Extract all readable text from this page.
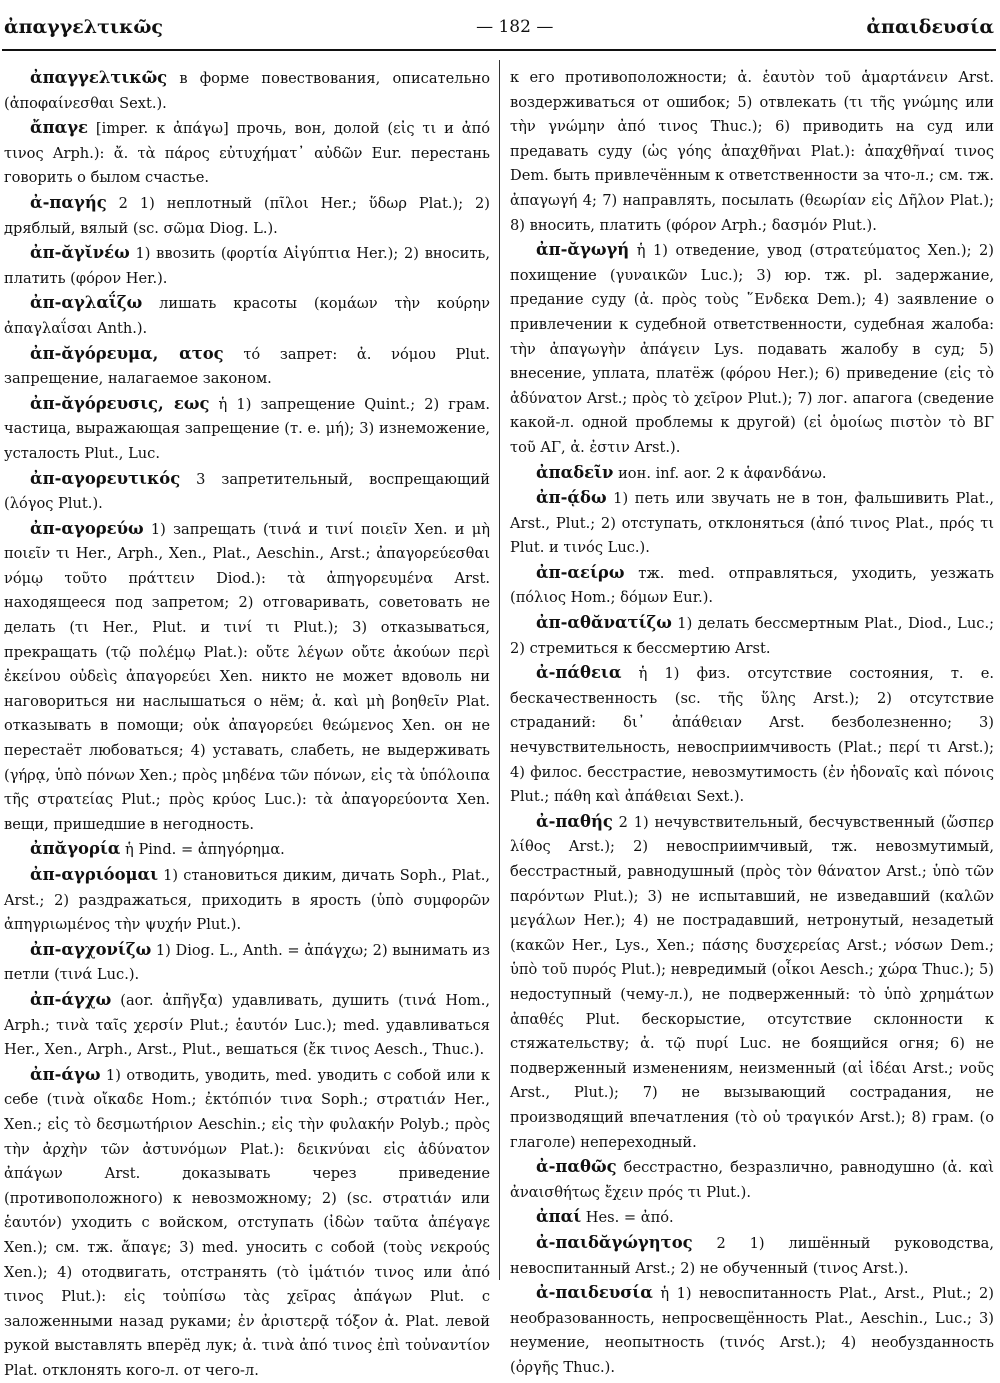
ἀπαγγελτικῶς	— 182 —	ἀπαιδευσία

ἀπαγγελτικῶς в форме повествования, описательно (ἀποφαίνεσθαι Sext.).

ἄπαγε [imper. к ἀπάγω] прочь, вон, долой (εἰς τι и ἀπό τινος Arph.): ἄ. τὰ πάρος εὐτυχήματ᾽ αὐδῶν Eur. перестань говорить о былом счастье.

ἀ-παγής 2 1) неплотный (πῖλοι Her.; ὕδωρ Plat.); 2) дряблый, вялый (sc. σῶμα Diog. L.).

ἀπ-ᾰγῐνέω 1) ввозить (φορτία Αἰγύπτια Her.); 2) вносить, платить (φόρον Her.).

ἀπ-αγλαΐζω лишать красоты (κομάων τὴν κούρην ἀπαγλαΐσαι Anth.).

ἀπ-ᾰγόρευμα, ατος τό запрет: ἀ. νόμου Plut. запрещение, налагаемое законом.

ἀπ-ᾰγόρευσις, εως ἡ 1) запрещение Quint.; 2) грам. частица, выражающая запрещение (т. е. μή); 3) изнеможение, усталость Plut., Luc.

ἀπ-αγορευτικός 3 запретительный, воспрещающий (λόγος Plut.).

ἀπ-αγορεύω 1) запрещать (τινά и τινί ποιεῖν Xen. и μὴ ποιεῖν τι Her., Arph., Xen., Plat., Aeschin., Arst.; ἀπαγορεύεσθαι νόμῳ τοῦτο πράττειν Diod.): τὰ ἀπηγορευμένα Arst. находящееся под запретом; 2) отговаривать, советовать не делать (τι Her., Plut. и τινί τι Plut.); 3) отказываться, прекращать (τῷ πολέμῳ Plat.): οὔτε λέγων οὔτε ἀκούων περὶ ἐκείνου οὐδεὶς ἀπαγορεύει Xen. никто не может вдоволь ни наговориться ни наслышаться о нём; ἀ. καὶ μὴ βοηθεῖν Plat. отказывать в помощи; οὐκ ἀπαγορεύει θεώμενος Xen. он не перестаёт любоваться; 4) уставать, слабеть, не выдерживать (γήρᾳ, ὑπὸ πόνων Xen.; πρὸς μηδένα τῶν πόνων, εἰς τὰ ὑπόλοιπα τῆς στρατείας Plut.; πρὸς κρύος Luc.): τὰ ἀπαγορεύοντα Xen. вещи, пришедшие в негодность.

ἀπᾰγορία ἡ Pind. = ἀπηγόρημα.

ἀπ-αγριόομαι 1) становиться диким, дичать Soph., Plat., Arst.; 2) раздражаться, приходить в ярость (ὑπὸ συμφορῶν ἀπηγριωμένος τὴν ψυχήν Plut.).

ἀπ-αγχονίζω 1) Diog. L., Anth. = ἀπάγχω; 2) вынимать из петли (τινά Luc.).

ἀπ-άγχω (aor. ἀπῆγξα) удавливать, душить (τινά Hom., Arph.; τινὰ ταῖς χερσίν Plut.; ἑαυτόν Luc.); med. удавливаться Her., Xen., Arph., Arst., Plut., вешаться (ἔκ τινος Aesch., Thuc.).

ἀπ-άγω 1) отводить, уводить, med. уводить с собой или к себе (τινὰ οἴκαδε Hom.; ἐκτόπιόν τινα Soph.; στρατιάν Her., Xen.; εἰς τὸ δεσμωτήριον Aeschin.; εἰς τὴν φυλακήν Polyb.; πρὸς τὴν ἀρχὴν τῶν ἀστυνόμων Plat.): δεικνύναι εἰς ἀδύνατον ἀπάγων Arst. доказывать через приведение (противоположного) к невозможному; 2) (sc. στρατιάν или ἑαυτόν) уходить с войском, отступать (ἰδὼν ταῦτα ἀπέγαγε Xen.); см. тж. ἄπαγε; 3) med. уносить с собой (τοὺς νεκρούς Xen.); 4) отодвигать, отстранять (τὸ ἱμάτιόν τινος или ἀπό τινος Plut.): εἰς τοὐπίσω τὰς χεῖρας ἀπάγων Plut. с заложенными назад руками; ἐν ἀριστερᾷ τόξον ἀ. Plat. левой рукой выставлять вперёд лук; ἀ. τινὰ ἀπό τινος ἐπὶ τοὐναντίον Plat. отклонять кого-л. от чего-л.

к его противоположности; ἀ. ἑαυτὸν τοῦ ἁμαρτάνειν Arst. воздерживаться от ошибок; 5) отвлекать (τι τῆς γνώμης или τὴν γνώμην ἀπό τινος Thuc.); 6) приводить на суд или предавать суду (ὡς γόης ἀπαχθῆναι Plat.): ἀπαχθῆναί τινος Dem. быть привлечённым к ответственности за что-л.; см. тж. ἀπαγωγή 4; 7) направлять, посылать (θεωρίαν εἰς Δῆλον Plat.); 8) вносить, платить (φόρον Arph.; δασμόν Plut.).

ἀπ-ᾰγωγή ἡ 1) отведение, увод (στρατεύματος Xen.); 2) похищение (γυναικῶν Luc.); 3) юр. тж. pl. задержание, предание суду (ἀ. πρὸς τοὺς ῞Ενδεκα Dem.); 4) заявление о привлечении к судебной ответственности, судебная жалоба: τὴν ἀπαγωγὴν ἀπάγειν Lys. подавать жалобу в суд; 5) внесение, уплата, платёж (φόρου Her.); 6) приведение (εἰς τὸ ἀδύνατον Arst.; πρὸς τὸ χεῖρον Plut.); 7) лог. апагога (сведение какой-л. одной проблемы к другой) (εἰ ὁμοίως πιστὸν τὸ ΒΓ τοῦ ΑΓ, ἀ. ἐστιν Arst.).

ἀπαδεῖν ион. inf. aor. 2 к ἁφανδάνω.

ἀπ-ᾴδω 1) петь или звучать не в тон, фальшивить Plat., Arst., Plut.; 2) отступать, отклоняться (ἀπό τινος Plat., πρός τι Plut. и τινός Luc.).

ἀπ-αείρω тж. med. отправляться, уходить, уезжать (πόλιος Hom.; δόμων Eur.).

ἀπ-αθᾰνατίζω 1) делать бессмертным Plat., Diod., Luc.; 2) стремиться к бессмертию Arst.

ἀ-πάθεια ἡ 1) физ. отсутствие состояния, т. е. бескачественность (sc. τῆς ὕλης Arst.); 2) отсутствие страданий: δι᾽ ἀπάθειαν Arst. безболезненно; 3) нечувствительность, невосприимчивость (Plat.; περί τι Arst.); 4) филос. бесстрастие, невозмутимость (ἐν ἡδοναῖς καὶ πόνοις Plut.; πάθη καὶ ἀπάθειαι Sext.).

ἀ-παθής 2 1) нечувствительный, бесчувственный (ὥσπερ λίθος Arst.); 2) невосприимчивый, тж. невозмутимый, бесстрастный, равнодушный (πρὸς τὸν θάνατον Arst.; ὑπὸ τῶν παρόντων Plut.); 3) не испытавший, не изведавший (καλῶν μεγάλων Her.); 4) не пострадавший, нетронутый, незадетый (κακῶν Her., Lys., Xen.; πάσης δυσχερείας Arst.; νόσων Dem.; ὑπὸ τοῦ πυρός Plut.); невредимый (οἶκοι Aesch.; χώρα Thuc.); 5) недоступный (чему-л.), не подверженный: τὸ ὑπὸ χρημάτων ἀπαθές Plut. бескорыстие, отсутствие склонности к стяжательству; ἀ. τῷ πυρί Luc. не боящийся огня; 6) не подверженный изменениям, неизменный (αἱ ἰδέαι Arst.; νοῦς Arst., Plut.); 7) не вызывающий сострадания, не производящий впечатления (τὸ οὐ τραγικόν Arst.); 8) грам. (о глаголе) непереходный.

ἀ-παθῶς бесстрастно, безразлично, равнодушно (ἀ. καὶ ἀναισθήτως ἔχειν πρός τι Plut.).

ἀπαί Hes. = ἀπό.

ἀ-παιδᾰγώγητος 2 1) лишённый руководства, невоспитанный Arst.; 2) не обученный (τινος Arst.).

ἀ-παιδευσία ἡ 1) невоспитанность Plat., Arst., Plut.; 2) необразованность, непросвещённость Plat., Aeschin., Luc.; 3) неумение, неопытность (τινός Arst.); 4) необузданность (ὀργῆς Thuc.).
